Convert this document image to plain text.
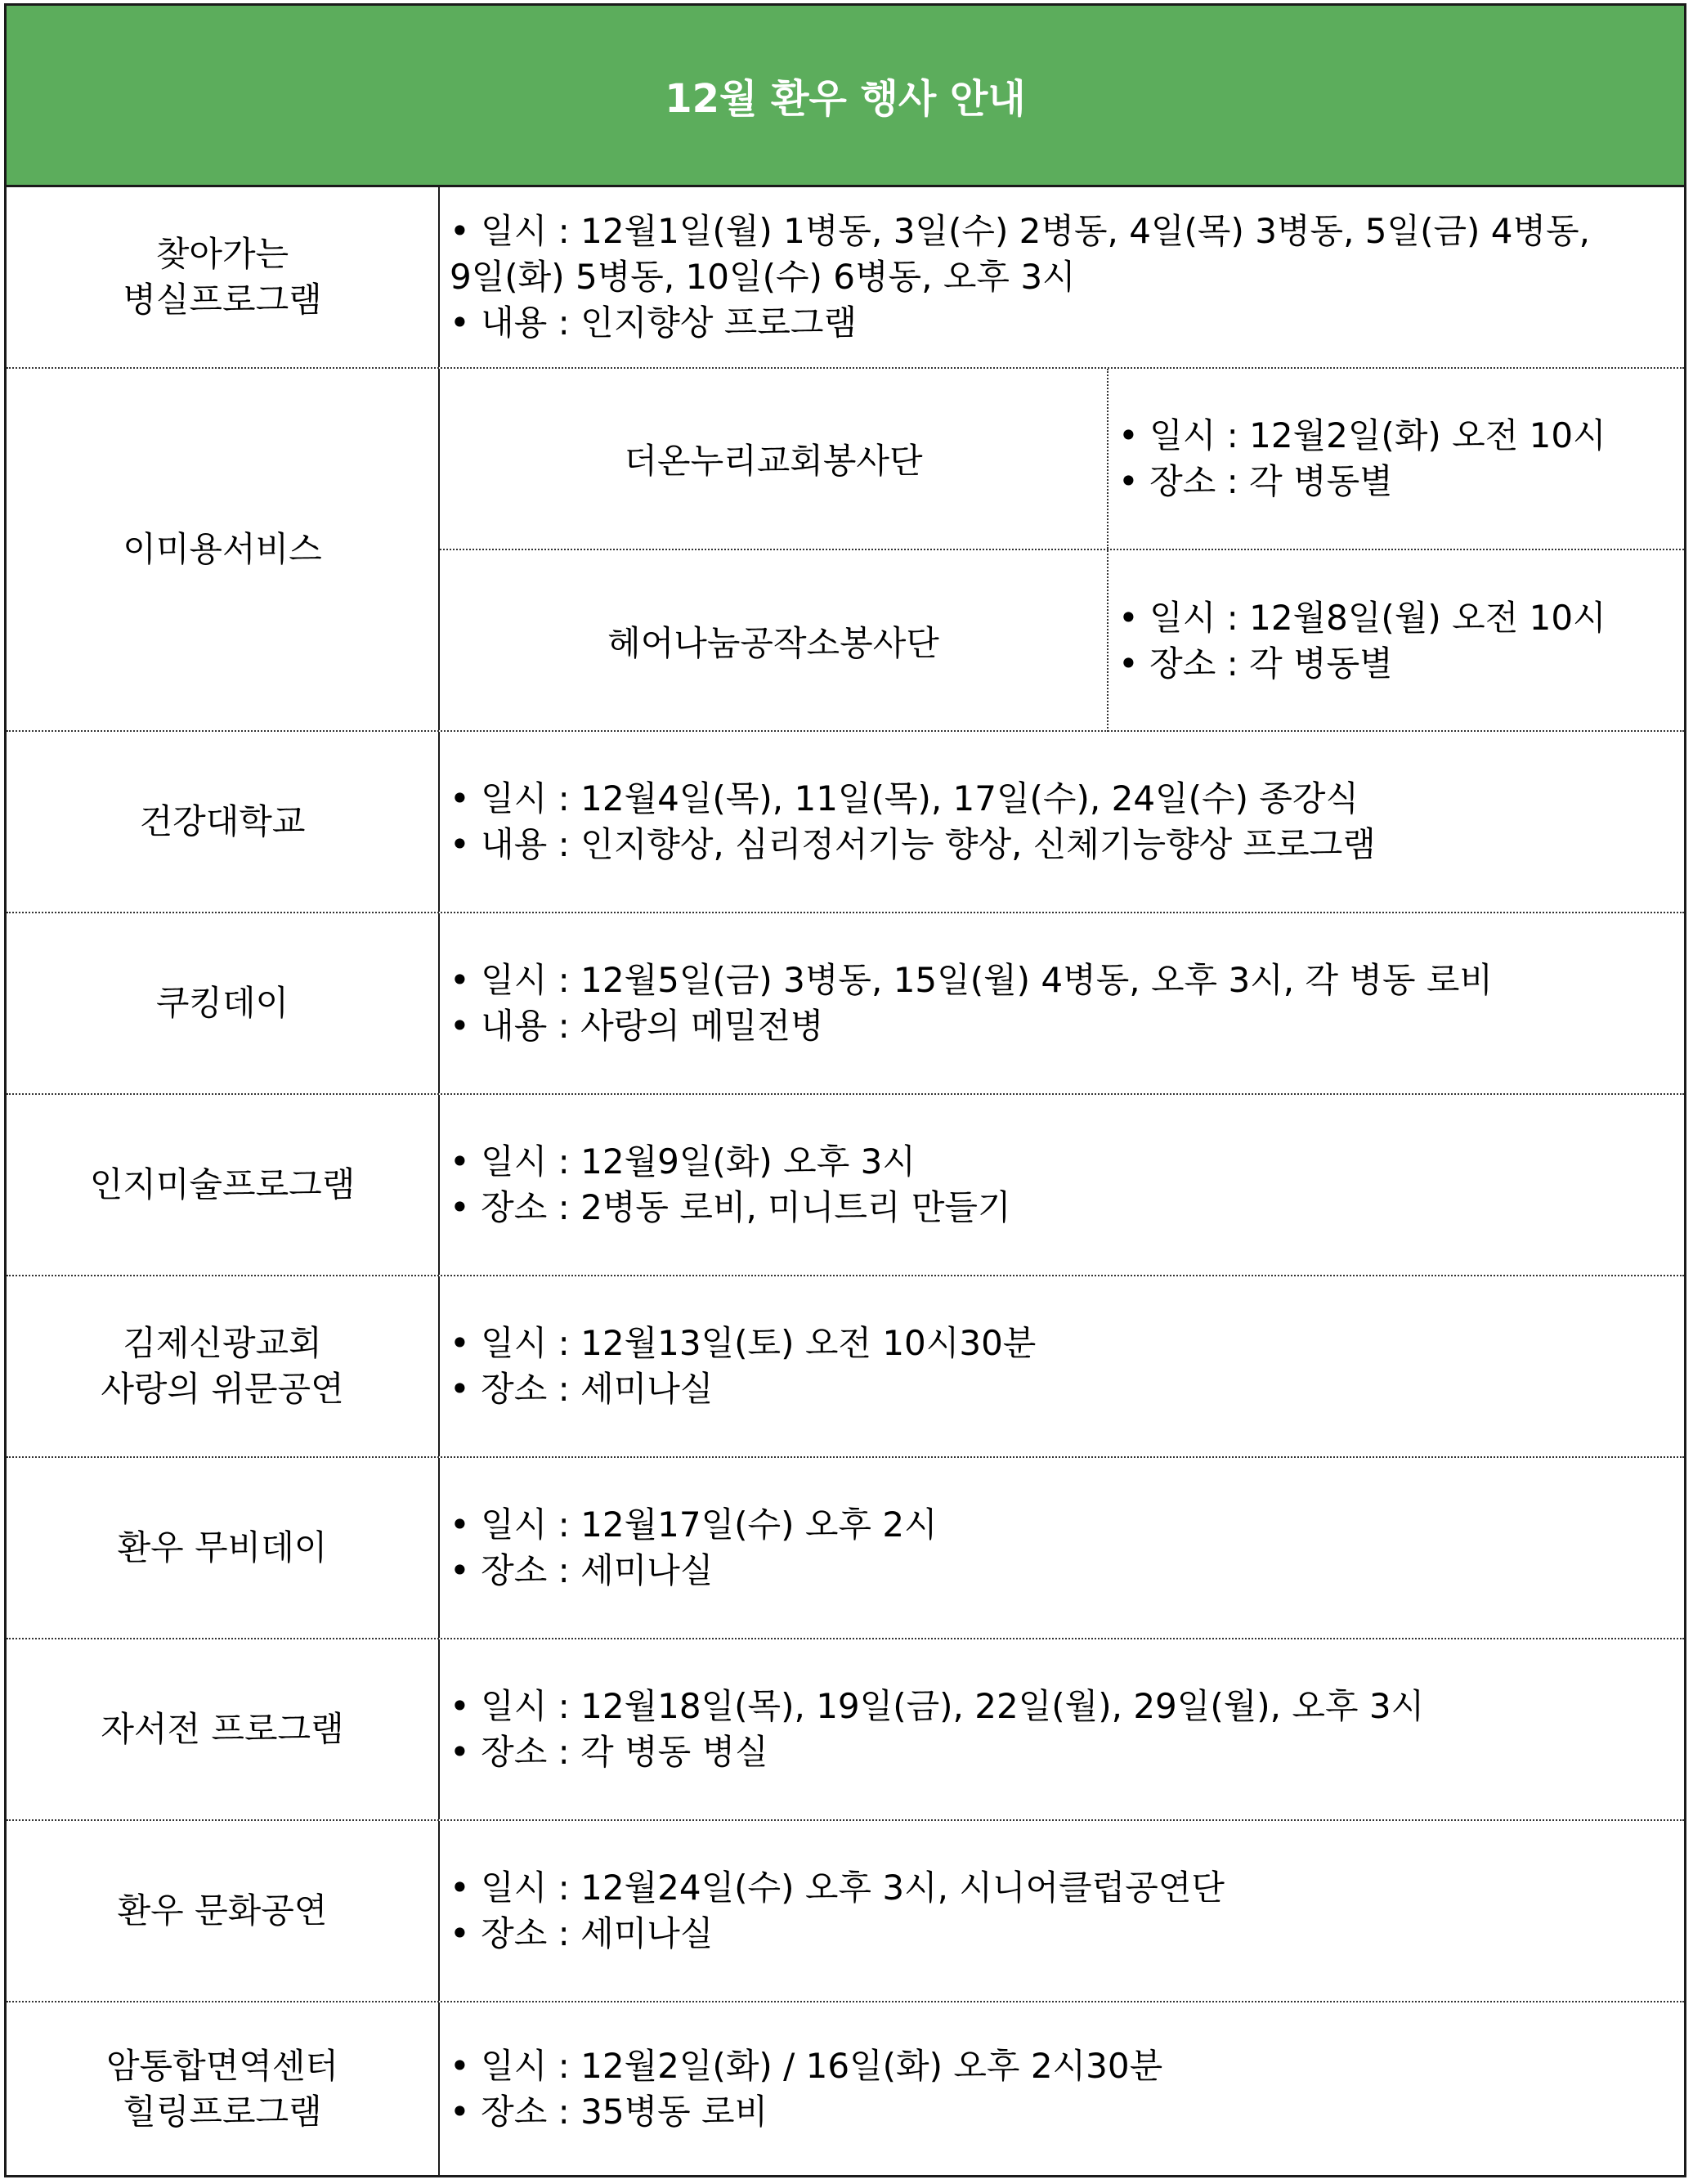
12월 환우 행사 안내
찾아가는
병실프로그램
• 일시 : 12월1일(월) 1병동, 3일(수) 2병동, 4일(목) 3병동, 5일(금) 4병동,
9일(화) 5병동, 10일(수) 6병동, 오후 3시
• 내용 : 인지향상 프로그램
이미용서비스
더온누리교회봉사단
• 일시 : 12월2일(화) 오전 10시
• 장소 : 각 병동별
헤어나눔공작소봉사단
• 일시 : 12월8일(월) 오전 10시
• 장소 : 각 병동별
건강대학교
• 일시 : 12월4일(목), 11일(목), 17일(수), 24일(수) 종강식
• 내용 : 인지향상, 심리정서기능 향상, 신체기능향상 프로그램
쿠킹데이
• 일시 : 12월5일(금) 3병동, 15일(월) 4병동, 오후 3시, 각 병동 로비
• 내용 : 사랑의 메밀전병
인지미술프로그램
• 일시 : 12월9일(화) 오후 3시
• 장소 : 2병동 로비, 미니트리 만들기
김제신광교회
사랑의 위문공연
• 일시 : 12월13일(토) 오전 10시30분
• 장소 : 세미나실
환우 무비데이
• 일시 : 12월17일(수) 오후 2시
• 장소 : 세미나실
자서전 프로그램
• 일시 : 12월18일(목), 19일(금), 22일(월), 29일(월), 오후 3시
• 장소 : 각 병동 병실
환우 문화공연
• 일시 : 12월24일(수) 오후 3시, 시니어클럽공연단
• 장소 : 세미나실
암통합면역센터
힐링프로그램
• 일시 : 12월2일(화) / 16일(화) 오후 2시30분
• 장소 : 35병동 로비
